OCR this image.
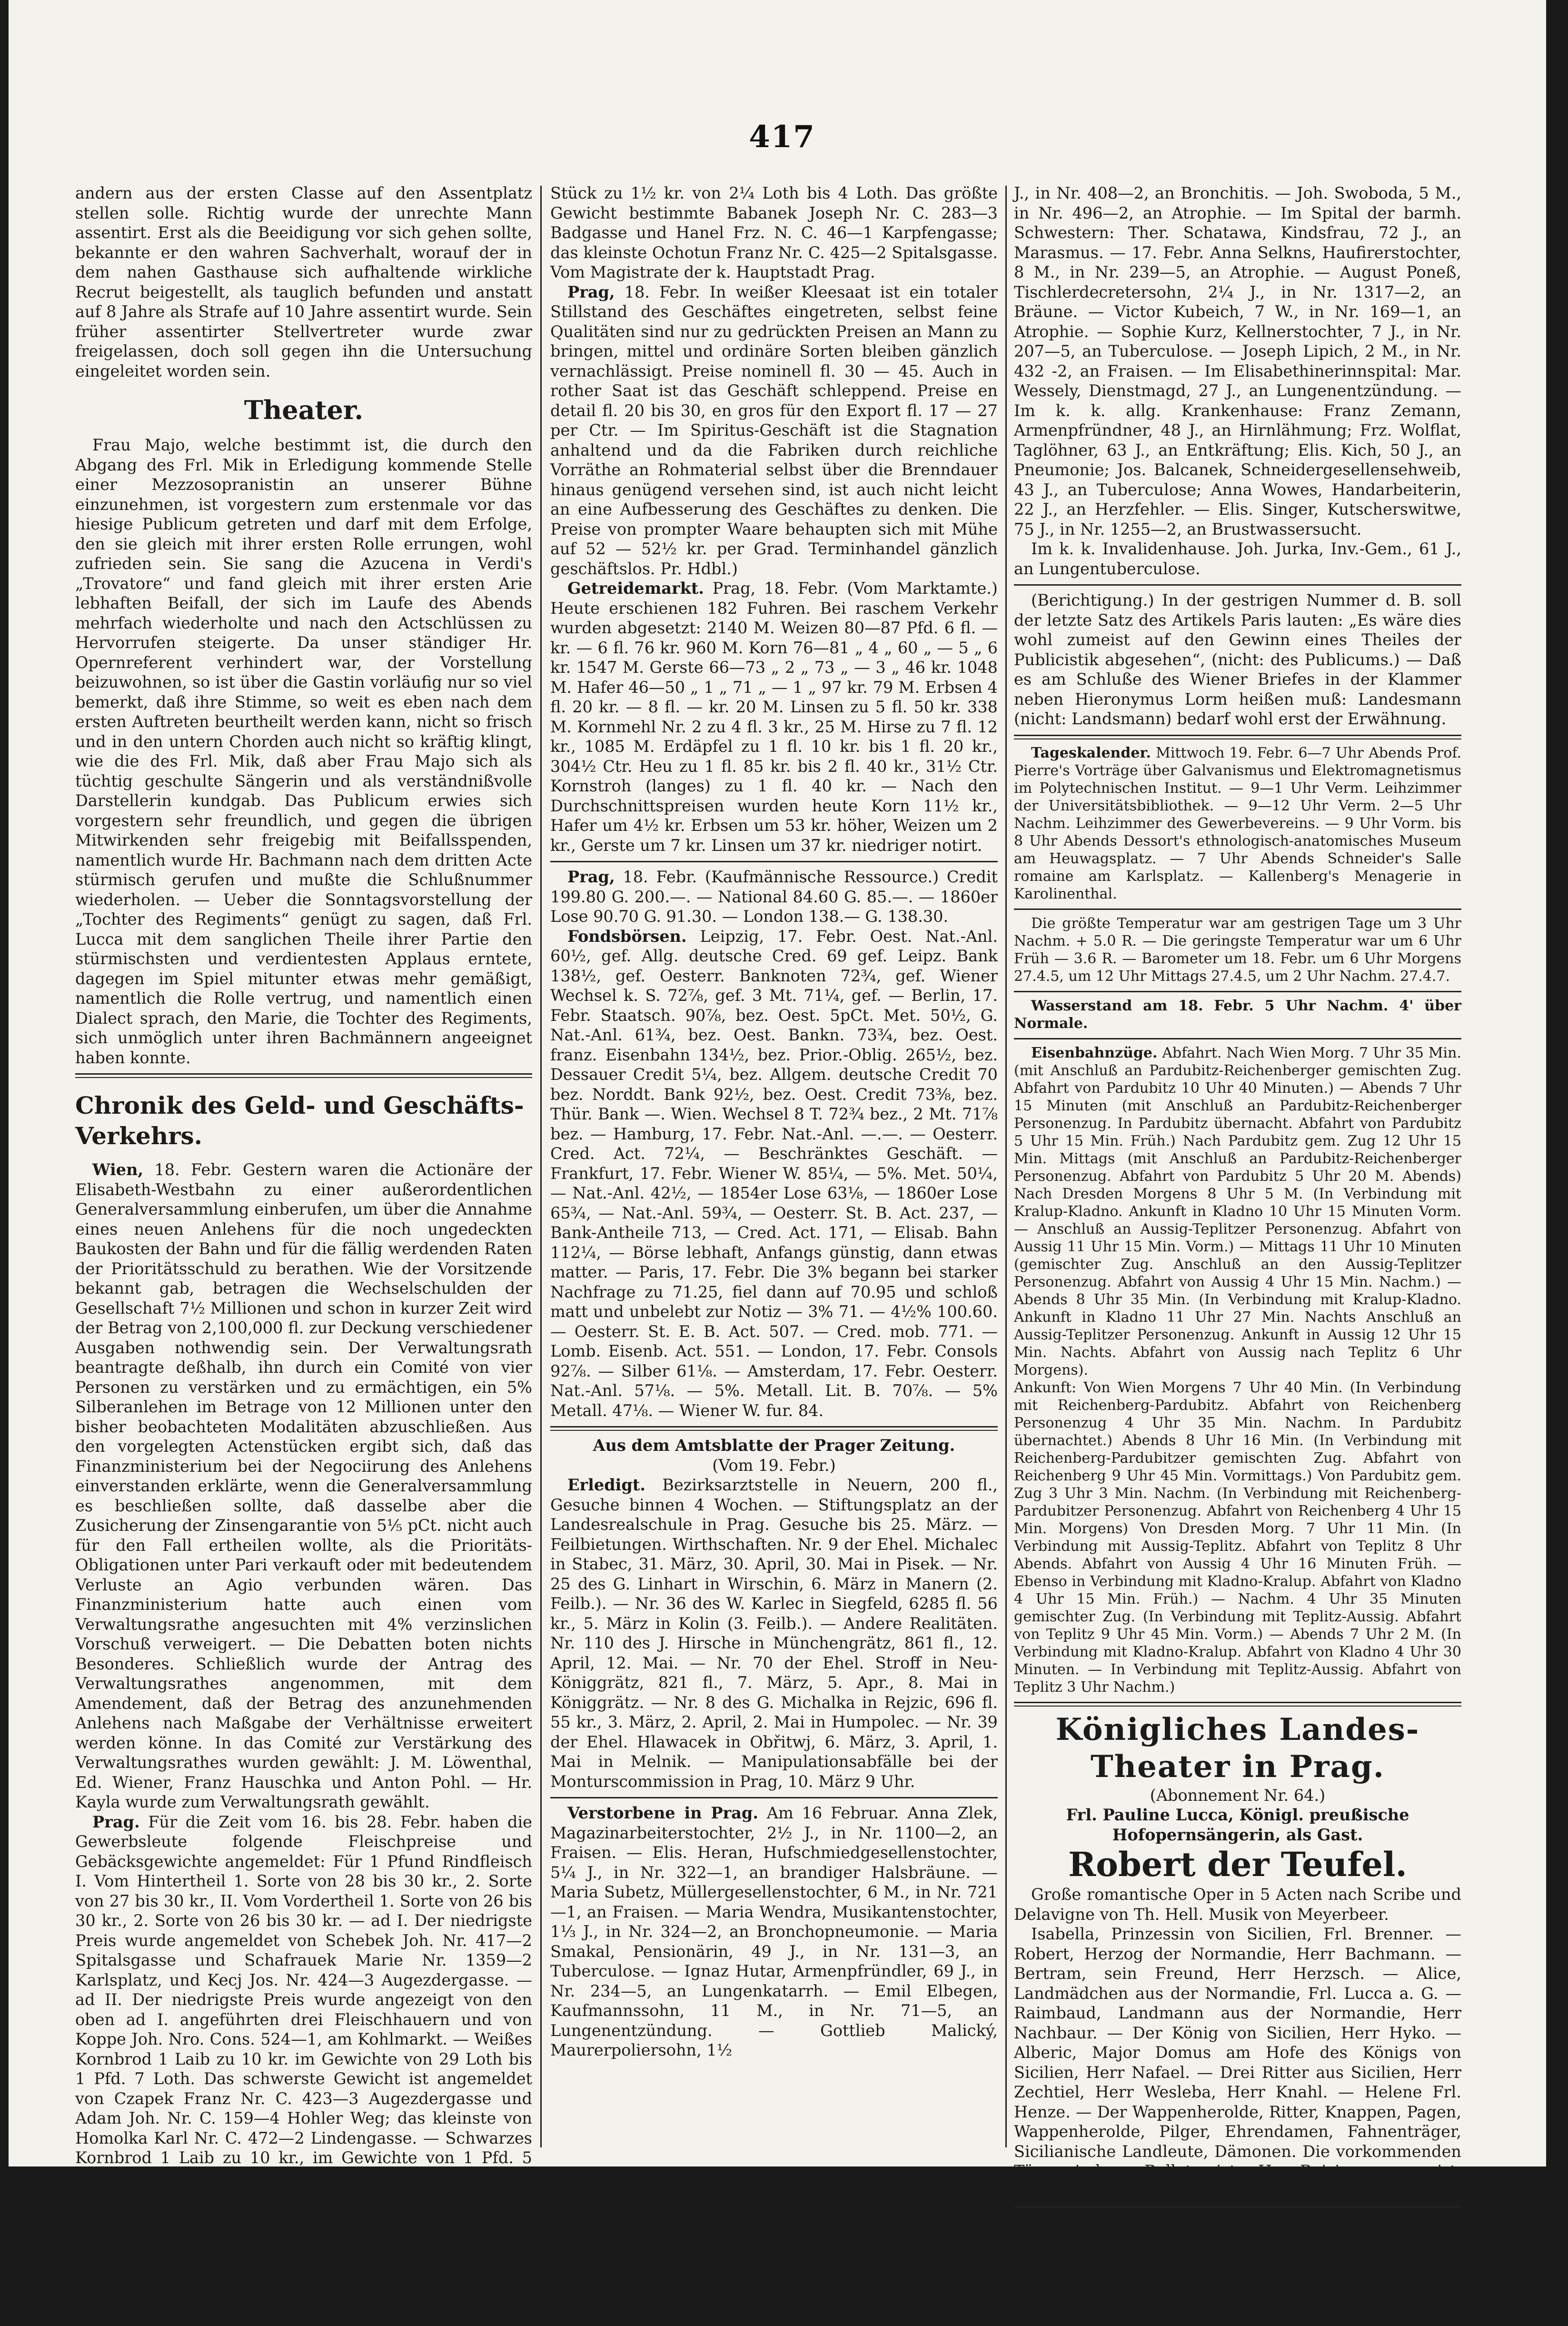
417

andern aus der ersten Classe auf den Assentplatz stellen solle. Richtig wurde der unrechte Mann assentirt. Erst als die Beeidigung vor sich gehen sollte, bekannte er den wahren Sachverhalt, worauf der in dem nahen Gasthause sich aufhaltende wirkliche Recrut beigestellt, als tauglich befunden und anstatt auf 8 Jahre als Strafe auf 10 Jahre assentirt wurde. Sein früher assentirter Stellvertreter wurde zwar freigelassen, doch soll gegen ihn die Untersuchung eingeleitet worden sein.

Theater.

Frau Majo, welche bestimmt ist, die durch den Abgang des Frl. Mik in Erledigung kommende Stelle einer Mezzosopranistin an unserer Bühne einzunehmen, ist vorgestern zum erstenmale vor das hiesige Publicum getreten und darf mit dem Erfolge, den sie gleich mit ihrer ersten Rolle errungen, wohl zufrieden sein. Sie sang die Azucena in Verdi's „Trovatore“ und fand gleich mit ihrer ersten Arie lebhaften Beifall, der sich im Laufe des Abends mehrfach wiederholte und nach den Actschlüssen zu Hervorrufen steigerte. Da unser ständiger Hr. Opernreferent verhindert war, der Vorstellung beizuwohnen, so ist über die Gastin vorläufig nur so viel bemerkt, daß ihre Stimme, so weit es eben nach dem ersten Auftreten beurtheilt werden kann, nicht so frisch und in den untern Chorden auch nicht so kräftig klingt, wie die des Frl. Mik, daß aber Frau Majo sich als tüchtig geschulte Sängerin und als verständnißvolle Darstellerin kundgab. Das Publicum erwies sich vorgestern sehr freundlich, und gegen die übrigen Mitwirkenden sehr freigebig mit Beifallsspenden, namentlich wurde Hr. Bachmann nach dem dritten Acte stürmisch gerufen und mußte die Schlußnummer wiederholen. — Ueber die Sonntagsvorstellung der „Tochter des Regiments“ genügt zu sagen, daß Frl. Lucca mit dem sanglichen Theile ihrer Partie den stürmischsten und verdientesten Applaus erntete, dagegen im Spiel mitunter etwas mehr gemäßigt, namentlich die Rolle vertrug, und namentlich einen Dialect sprach, den Marie, die Tochter des Regiments, sich unmöglich unter ihren Bachmännern angeeignet haben konnte.

Chronik des Geld- und Geschäfts-Verkehrs.

Wien, 18. Febr. Gestern waren die Actionäre der Elisabeth-Westbahn zu einer außerordentlichen Generalversammlung einberufen, um über die Annahme eines neuen Anlehens für die noch ungedeckten Baukosten der Bahn und für die fällig werdenden Raten der Prioritätsschuld zu berathen. Wie der Vorsitzende bekannt gab, betragen die Wechselschulden der Gesellschaft 7½ Millionen und schon in kurzer Zeit wird der Betrag von 2,100,000 fl. zur Deckung verschiedener Ausgaben nothwendig sein. Der Verwaltungsrath beantragte deßhalb, ihn durch ein Comité von vier Personen zu verstärken und zu ermächtigen, ein 5% Silberanlehen im Betrage von 12 Millionen unter den bisher beobachteten Modalitäten abzuschließen. Aus den vorgelegten Actenstücken ergibt sich, daß das Finanzministerium bei der Negociirung des Anlehens einverstanden erklärte, wenn die Generalversammlung es beschließen sollte, daß dasselbe aber die Zusicherung der Zinsengarantie von 5⅕ pCt. nicht auch für den Fall ertheilen wollte, als die Prioritäts-Obligationen unter Pari verkauft oder mit bedeutendem Verluste an Agio verbunden wären. Das Finanzministerium hatte auch einen vom Verwaltungsrathe angesuchten mit 4% verzinslichen Vorschuß verweigert. — Die Debatten boten nichts Besonderes. Schließlich wurde der Antrag des Verwaltungsrathes angenommen, mit dem Amendement, daß der Betrag des anzunehmenden Anlehens nach Maßgabe der Verhältnisse erweitert werden könne. In das Comité zur Verstärkung des Verwaltungsrathes wurden gewählt: J. M. Löwenthal, Ed. Wiener, Franz Hauschka und Anton Pohl. — Hr. Kayla wurde zum Verwaltungsrath gewählt.

Prag. Für die Zeit vom 16. bis 28. Febr. haben die Gewerbsleute folgende Fleischpreise und Gebäcksgewichte angemeldet: Für 1 Pfund Rindfleisch I. Vom Hintertheil 1. Sorte von 28 bis 30 kr., 2. Sorte von 27 bis 30 kr., II. Vom Vordertheil 1. Sorte von 26 bis 30 kr., 2. Sorte von 26 bis 30 kr. — ad I. Der niedrigste Preis wurde angemeldet von Schebek Joh. Nr. 417—2 Spitalsgasse und Schafrauek Marie Nr. 1359—2 Karlsplatz, und Kecj Jos. Nr. 424—3 Augezdergasse. — ad II. Der niedrigste Preis wurde angezeigt von den oben ad I. angeführten drei Fleischhauern und von Koppe Joh. Nro. Cons. 524—1, am Kohlmarkt. — Weißes Kornbrod 1 Laib zu 10 kr. im Gewichte von 29 Loth bis 1 Pfd. 7 Loth. Das schwerste Gewicht ist angemeldet von Czapek Franz Nr. C. 423—3 Augezdergasse und Adam Joh. Nr. C. 159—4 Hohler Weg; das kleinste von Homolka Karl Nr. C. 472—2 Lindengasse. — Schwarzes Kornbrod 1 Laib zu 10 kr., im Gewichte von 1 Pfd. 5 Loth bis 2 Pfd. 4 Loth. Das größte Gewicht hat angemeldet Horacek Emanuel Nr. C. 49—2 Sonnengasse; das kleinste Gwdrich Barbara Nr. C. 685—2 Fleischhauergasse. — Milchsemmeln 1 Stück zu 1½ kr. von 2 Loth bis 3 Loth. Größtes Gewicht angezeigt von Stibral Anna Nr. C. 905—1 Geistgasse und Peißker Wenzel Nr. C. 233—3 Spornergasse. — Semmeln ohne Milch 1

Stück zu 1½ kr. von 2¼ Loth bis 4 Loth. Das größte Gewicht bestimmte Babanek Joseph Nr. C. 283—3 Badgasse und Hanel Frz. N. C. 46—1 Karpfengasse; das kleinste Ochotun Franz Nr. C. 425—2 Spitalsgasse. Vom Magistrate der k. Hauptstadt Prag.

Prag, 18. Febr. In weißer Kleesaat ist ein totaler Stillstand des Geschäftes eingetreten, selbst feine Qualitäten sind nur zu gedrückten Preisen an Mann zu bringen, mittel und ordinäre Sorten bleiben gänzlich vernachlässigt. Preise nominell fl. 30 — 45. Auch in rother Saat ist das Geschäft schleppend. Preise en detail fl. 20 bis 30, en gros für den Export fl. 17 — 27 per Ctr. — Im Spiritus-Geschäft ist die Stagnation anhaltend und da die Fabriken durch reichliche Vorräthe an Rohmaterial selbst über die Brenndauer hinaus genügend versehen sind, ist auch nicht leicht an eine Aufbesserung des Geschäftes zu denken. Die Preise von prompter Waare behaupten sich mit Mühe auf 52 — 52½ kr. per Grad. Terminhandel gänzlich geschäftslos. Pr. Hdbl.)

Getreidemarkt. Prag, 18. Febr. (Vom Marktamte.) Heute erschienen 182 Fuhren. Bei raschem Verkehr wurden abgesetzt: 2140 M. Weizen 80—87 Pfd. 6 fl. — kr. — 6 fl. 76 kr. 960 M. Korn 76—81 „ 4 „ 60 „ — 5 „ 6 kr. 1547 M. Gerste 66—73 „ 2 „ 73 „ — 3 „ 46 kr. 1048 M. Hafer 46—50 „ 1 „ 71 „ — 1 „ 97 kr. 79 M. Erbsen 4 fl. 20 kr. — 8 fl. — kr. 20 M. Linsen zu 5 fl. 50 kr. 338 M. Kornmehl Nr. 2 zu 4 fl. 3 kr., 25 M. Hirse zu 7 fl. 12 kr., 1085 M. Erdäpfel zu 1 fl. 10 kr. bis 1 fl. 20 kr., 304½ Ctr. Heu zu 1 fl. 85 kr. bis 2 fl. 40 kr., 31½ Ctr. Kornstroh (langes) zu 1 fl. 40 kr. — Nach den Durchschnittspreisen wurden heute Korn 11½ kr., Hafer um 4½ kr. Erbsen um 53 kr. höher, Weizen um 2 kr., Gerste um 7 kr. Linsen um 37 kr. niedriger notirt.

Prag, 18. Febr. (Kaufmännische Ressource.) Credit 199.80 G. 200.—. — National 84.60 G. 85.—. — 1860er Lose 90.70 G. 91.30. — London 138.— G. 138.30.

Fondsbörsen. Leipzig, 17. Febr. Oest. Nat.-Anl. 60½, gef. Allg. deutsche Cred. 69 gef. Leipz. Bank 138½, gef. Oesterr. Banknoten 72¾, gef. Wiener Wechsel k. S. 72⅞, gef. 3 Mt. 71¼, gef. — Berlin, 17. Febr. Staatsch. 90⅞, bez. Oest. 5pCt. Met. 50½, G. Nat.-Anl. 61¾, bez. Oest. Bankn. 73¾, bez. Oest. franz. Eisenbahn 134½, bez. Prior.-Oblig. 265½, bez. Dessauer Credit 5¼, bez. Allgem. deutsche Credit 70 bez. Norddt. Bank 92½, bez. Oest. Credit 73⅜, bez. Thür. Bank —. Wien. Wechsel 8 T. 72¾ bez., 2 Mt. 71⅞ bez. — Hamburg, 17. Febr. Nat.-Anl. —.—. — Oesterr. Cred. Act. 72¼, — Beschränktes Geschäft. — Frankfurt, 17. Febr. Wiener W. 85¼, — 5%. Met. 50¼, — Nat.-Anl. 42½, — 1854er Lose 63⅛, — 1860er Lose 65¾, — Nat.-Anl. 59¾, — Oesterr. St. B. Act. 237, — Bank-Antheile 713, — Cred. Act. 171, — Elisab. Bahn 112¼, — Börse lebhaft, Anfangs günstig, dann etwas matter. — Paris, 17. Febr. Die 3% begann bei starker Nachfrage zu 71.25, fiel dann auf 70.95 und schloß matt und unbelebt zur Notiz — 3% 71. — 4½% 100.60. — Oesterr. St. E. B. Act. 507. — Cred. mob. 771. — Lomb. Eisenb. Act. 551. — London, 17. Febr. Consols 92⅞. — Silber 61⅛. — Amsterdam, 17. Febr. Oesterr. Nat.-Anl. 57⅛. — 5%. Metall. Lit. B. 70⅞. — 5% Metall. 47⅛. — Wiener W. fur. 84.

Aus dem Amtsblatte der Prager Zeitung.

(Vom 19. Febr.)

Erledigt. Bezirksarztstelle in Neuern, 200 fl., Gesuche binnen 4 Wochen. — Stiftungsplatz an der Landesrealschule in Prag. Gesuche bis 25. März. — Feilbietungen. Wirthschaften. Nr. 9 der Ehel. Michalec in Stabec, 31. März, 30. April, 30. Mai in Pisek. — Nr. 25 des G. Linhart in Wirschin, 6. März in Manern (2. Feilb.). — Nr. 36 des W. Karlec in Siegfeld, 6285 fl. 56 kr., 5. März in Kolin (3. Feilb.). — Andere Realitäten. Nr. 110 des J. Hirsche in Münchengrätz, 861 fl., 12. April, 12. Mai. — Nr. 70 der Ehel. Stroff in Neu-Königgrätz, 821 fl., 7. März, 5. Apr., 8. Mai in Königgrätz. — Nr. 8 des G. Michalka in Rejzic, 696 fl. 55 kr., 3. März, 2. April, 2. Mai in Humpolec. — Nr. 39 der Ehel. Hlawacek in Obřitwj, 6. März, 3. April, 1. Mai in Melnik. — Manipulationsabfälle bei der Monturscommission in Prag, 10. März 9 Uhr.

Verstorbene in Prag. Am 16 Februar. Anna Zlek, Magazinarbeiterstochter, 2½ J., in Nr. 1100—2, an Fraisen. — Elis. Heran, Hufschmiedgesellenstochter, 5¼ J., in Nr. 322—1, an brandiger Halsbräune. — Maria Subetz, Müllergesellenstochter, 6 M., in Nr. 721—1, an Fraisen. — Maria Wendra, Musikantenstochter, 1⅓ J., in Nr. 324—2, an Bronchopneumonie. — Maria Smakal, Pensionärin, 49 J., in Nr. 131—3, an Tuberculose. — Ignaz Hutar, Armenpfründler, 69 J., in Nr. 234—5, an Lungenkatarrh. — Emil Elbegen, Kaufmannssohn, 11 M., in Nr. 71—5, an Lungenentzündung. — Gottlieb Malický, Maurerpoliersohn, 1½

J., in Nr. 408—2, an Bronchitis. — Joh. Swoboda, 5 M., in Nr. 496—2, an Atrophie. — Im Spital der barmh. Schwestern: Ther. Schatawa, Kindsfrau, 72 J., an Marasmus. — 17. Febr. Anna Selkns, Haufirerstochter, 8 M., in Nr. 239—5, an Atrophie. — August Poneß, Tischlerdecretersohn, 2¼ J., in Nr. 1317—2, an Bräune. — Victor Kubeich, 7 W., in Nr. 169—1, an Atrophie. — Sophie Kurz, Kellnerstochter, 7 J., in Nr. 207—5, an Tuberculose. — Joseph Lipich, 2 M., in Nr. 432 -2, an Fraisen. — Im Elisabethinerinnspital: Mar. Wessely, Dienstmagd, 27 J., an Lungenentzündung. — Im k. k. allg. Krankenhause: Franz Zemann, Armenpfründner, 48 J., an Hirnlähmung; Frz. Wolflat, Taglöhner, 63 J., an Entkräftung; Elis. Kich, 50 J., an Pneumonie; Jos. Balcanek, Schneidergesellensehweib, 43 J., an Tuberculose; Anna Wowes, Handarbeiterin, 22 J., an Herzfehler. — Elis. Singer, Kutscherswitwe, 75 J., in Nr. 1255—2, an Brustwassersucht.

Im k. k. Invalidenhause. Joh. Jurka, Inv.-Gem., 61 J., an Lungentuberculose.

(Berichtigung.) In der gestrigen Nummer d. B. soll der letzte Satz des Artikels Paris lauten: „Es wäre dies wohl zumeist auf den Gewinn eines Theiles der Publicistik abgesehen“, (nicht: des Publicums.) — Daß es am Schluße des Wiener Briefes in der Klammer neben Hieronymus Lorm heißen muß: Landesmann (nicht: Landsmann) bedarf wohl erst der Erwähnung.

Tageskalender. Mittwoch 19. Febr. 6—7 Uhr Abends Prof. Pierre's Vorträge über Galvanismus und Elektromagnetismus im Polytechnischen Institut. — 9—1 Uhr Verm. Leihzimmer der Universitätsbibliothek. — 9—12 Uhr Verm. 2—5 Uhr Nachm. Leihzimmer des Gewerbevereins. — 9 Uhr Vorm. bis 8 Uhr Abends Dessort's ethnologisch-anatomisches Museum am Heuwagsplatz. — 7 Uhr Abends Schneider's Salle romaine am Karlsplatz. — Kallenberg's Menagerie in Karolinenthal.

Die größte Temperatur war am gestrigen Tage um 3 Uhr Nachm. + 5.0 R. — Die geringste Temperatur war um 6 Uhr Früh — 3.6 R. — Barometer um 18. Febr. um 6 Uhr Morgens 27.4.5, um 12 Uhr Mittags 27.4.5, um 2 Uhr Nachm. 27.4.7.

Wasserstand am 18. Febr. 5 Uhr Nachm. 4' über Normale.

Eisenbahnzüge. Abfahrt. Nach Wien Morg. 7 Uhr 35 Min. (mit Anschluß an Pardubitz-Reichenberger gemischten Zug. Abfahrt von Pardubitz 10 Uhr 40 Minuten.) — Abends 7 Uhr 15 Minuten (mit Anschluß an Pardubitz-Reichenberger Personenzug. In Pardubitz übernacht. Abfahrt von Pardubitz 5 Uhr 15 Min. Früh.) Nach Pardubitz gem. Zug 12 Uhr 15 Min. Mittags (mit Anschluß an Pardubitz-Reichenberger Personenzug. Abfahrt von Pardubitz 5 Uhr 20 M. Abends) Nach Dresden Morgens 8 Uhr 5 M. (In Verbindung mit Kralup-Kladno. Ankunft in Kladno 10 Uhr 15 Minuten Vorm. — Anschluß an Aussig-Teplitzer Personenzug. Abfahrt von Aussig 11 Uhr 15 Min. Vorm.) — Mittags 11 Uhr 10 Minuten (gemischter Zug. Anschluß an den Aussig-Teplitzer Personenzug. Abfahrt von Aussig 4 Uhr 15 Min. Nachm.) — Abends 8 Uhr 35 Min. (In Verbindung mit Kralup-Kladno. Ankunft in Kladno 11 Uhr 27 Min. Nachts Anschluß an Aussig-Teplitzer Personenzug. Ankunft in Aussig 12 Uhr 15 Min. Nachts. Abfahrt von Aussig nach Teplitz 6 Uhr Morgens).

Ankunft: Von Wien Morgens 7 Uhr 40 Min. (In Verbindung mit Reichenberg-Pardubitz. Abfahrt von Reichenberg Personenzug 4 Uhr 35 Min. Nachm. In Pardubitz übernachtet.) Abends 8 Uhr 16 Min. (In Verbindung mit Reichenberg-Pardubitzer gemischten Zug. Abfahrt von Reichenberg 9 Uhr 45 Min. Vormittags.) Von Pardubitz gem. Zug 3 Uhr 3 Min. Nachm. (In Verbindung mit Reichenberg-Pardubitzer Personenzug. Abfahrt von Reichenberg 4 Uhr 15 Min. Morgens) Von Dresden Morg. 7 Uhr 11 Min. (In Verbindung mit Aussig-Teplitz. Abfahrt von Teplitz 8 Uhr Abends. Abfahrt von Aussig 4 Uhr 16 Minuten Früh. — Ebenso in Verbindung mit Kladno-Kralup. Abfahrt von Kladno 4 Uhr 15 Min. Früh.) — Nachm. 4 Uhr 35 Minuten gemischter Zug. (In Verbindung mit Teplitz-Aussig. Abfahrt von Teplitz 9 Uhr 45 Min. Vorm.) — Abends 7 Uhr 2 M. (In Verbindung mit Kladno-Kralup. Abfahrt von Kladno 4 Uhr 30 Minuten. — In Verbindung mit Teplitz-Aussig. Abfahrt von Teplitz 3 Uhr Nachm.)

Königliches Landes-Theater in Prag.

(Abonnement Nr. 64.)

Frl. Pauline Lucca, Königl. preußische Hofopernsängerin, als Gast.

Robert der Teufel.

Große romantische Oper in 5 Acten nach Scribe und Delavigne von Th. Hell. Musik von Meyerbeer.

Isabella, Prinzessin von Sicilien, Frl. Brenner. — Robert, Herzog der Normandie, Herr Bachmann. — Bertram, sein Freund, Herr Herzsch. — Alice, Landmädchen aus der Normandie, Frl. Lucca a. G. — Raimbaud, Landmann aus der Normandie, Herr Nachbaur. — Der König von Sicilien, Herr Hyko. — Alberic, Major Domus am Hofe des Königs von Sicilien, Herr Nafael. — Drei Ritter aus Sicilien, Herr Zechtiel, Herr Wesleba, Herr Knahl. — Helene Frl. Henze. — Der Wappenherolde, Ritter, Knappen, Pagen, Wappenherolde, Pilger, Ehrendamen, Fahnenträger, Sicilianische Landleute, Dämonen. Die vorkommenden Tänze sind vom Balletmeister Hrn. Reisinger arrangirt.

Anfang 7 Uhr.                    Ende 10 Uhr.

Zítra ve čtvrtek dne 20. února 1862.

(11. hra v předplacení.)

Veselohra na mostě. Na to ponejprv: Tajemné psaní. Ku konci: Balet, uspořádán od baletního mistra pana Reisingra.
